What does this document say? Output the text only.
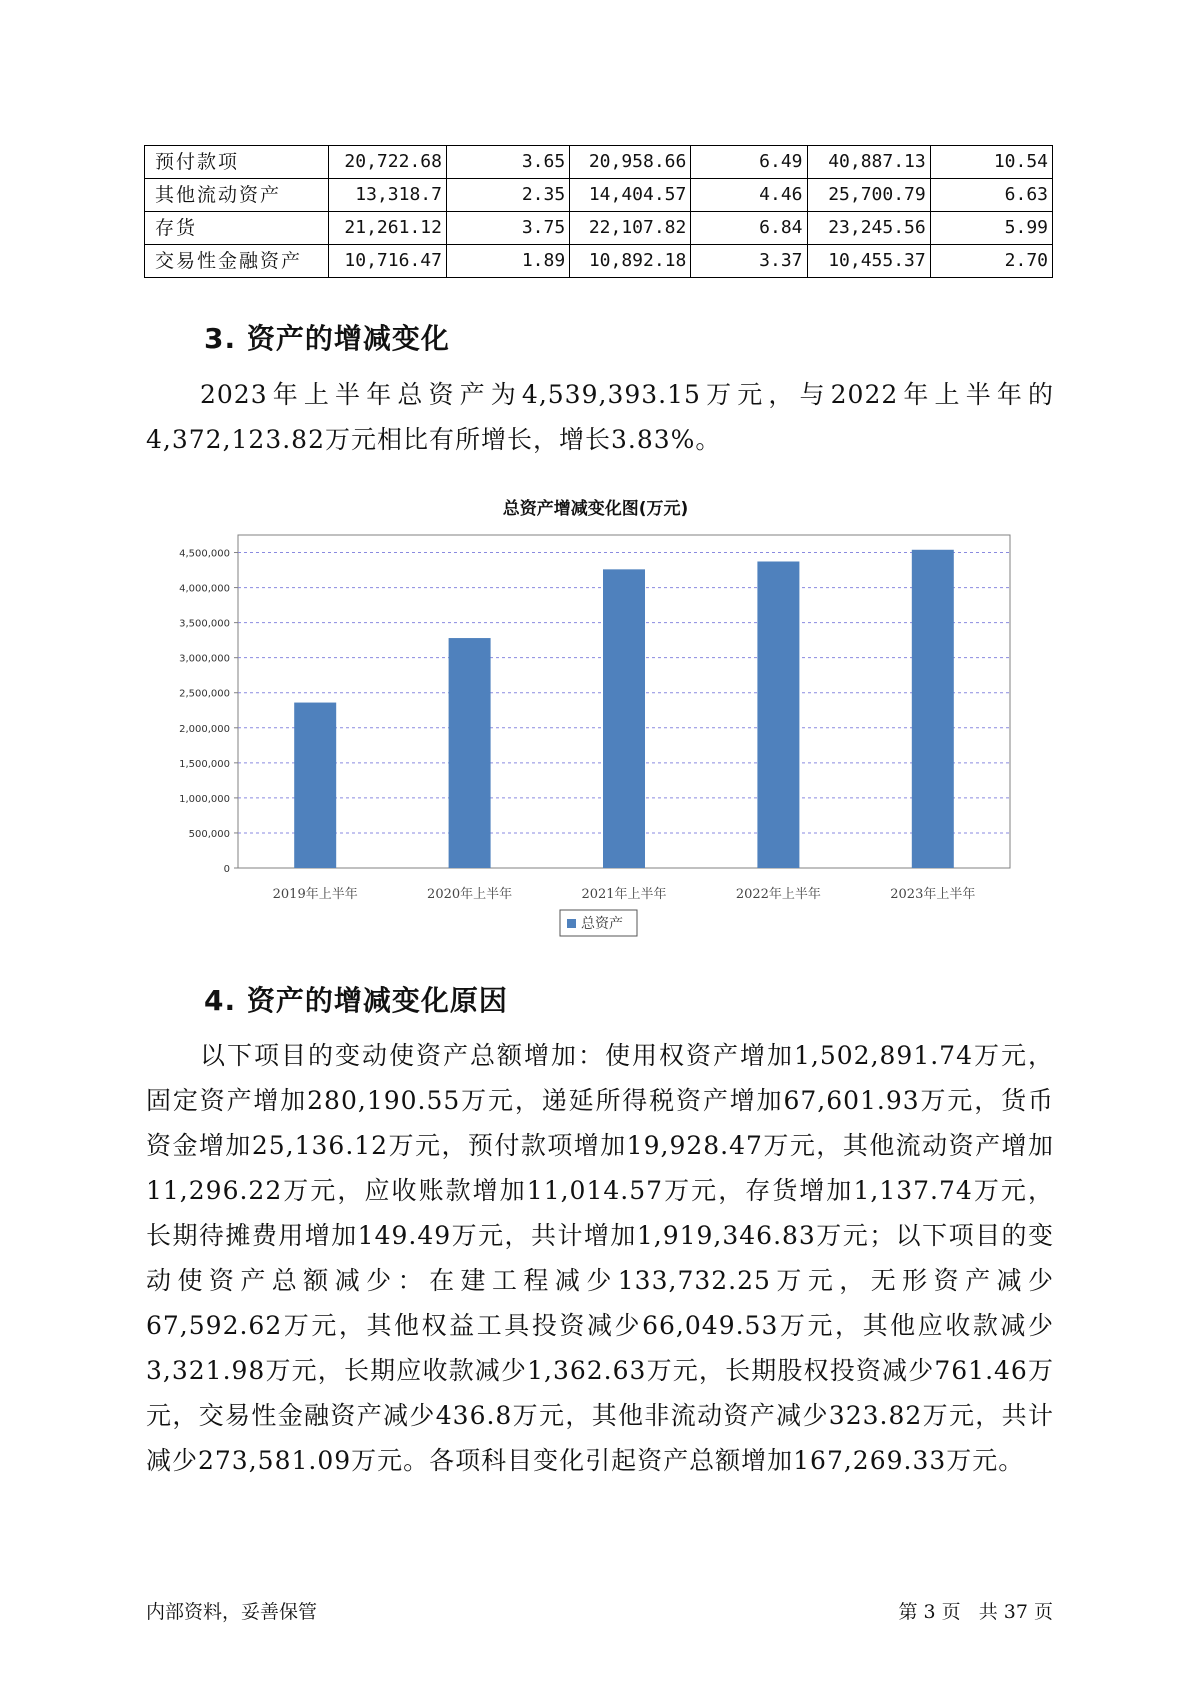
预付款项	20,722.68	3.65	20,958.66	6.49	40,887.13	10.54
其他流动资产	13,318.7	2.35	14,404.57	4.46	25,700.79	6.63
存货	21,261.12	3.75	22,107.82	6.84	23,245.56	5.99
交易性金融资产	10,716.47	1.89	10,892.18	3.37	10,455.37	2.70
3. 资产的增减变化

2023年上半年总资产为4,539,393.15万元，与2022年上半年的4,372,123.82万元相比有所增长，增长3.83%。

总资产增减变化图(万元)
0
500,000
1,000,000
1,500,000
2,000,000
2,500,000
3,000,000
3,500,000
4,000,000
4,500,000
2019年上半年	2020年上半年	2021年上半年	2022年上半年	2023年上半年
总资产
4. 资产的增减变化原因

以下项目的变动使资产总额增加：使用权资产增加1,502,891.74万元，固定资产增加280,190.55万元，递延所得税资产增加67,601.93万元，货币资金增加25,136.12万元，预付款项增加19,928.47万元，其他流动资产增加11,296.22万元，应收账款增加11,014.57万元，存货增加1,137.74万元，长期待摊费用增加149.49万元，共计增加1,919,346.83万元；以下项目的变动使资产总额减少：在建工程减少133,732.25万元，无形资产减少67,592.62万元，其他权益工具投资减少66,049.53万元，其他应收款减少3,321.98万元，长期应收款减少1,362.63万元，长期股权投资减少761.46万元，交易性金融资产减少436.8万元，其他非流动资产减少323.82万元，共计减少273,581.09万元。各项科目变化引起资产总额增加167,269.33万元。

内部资料，妥善保管	第 3 页   共 37 页
